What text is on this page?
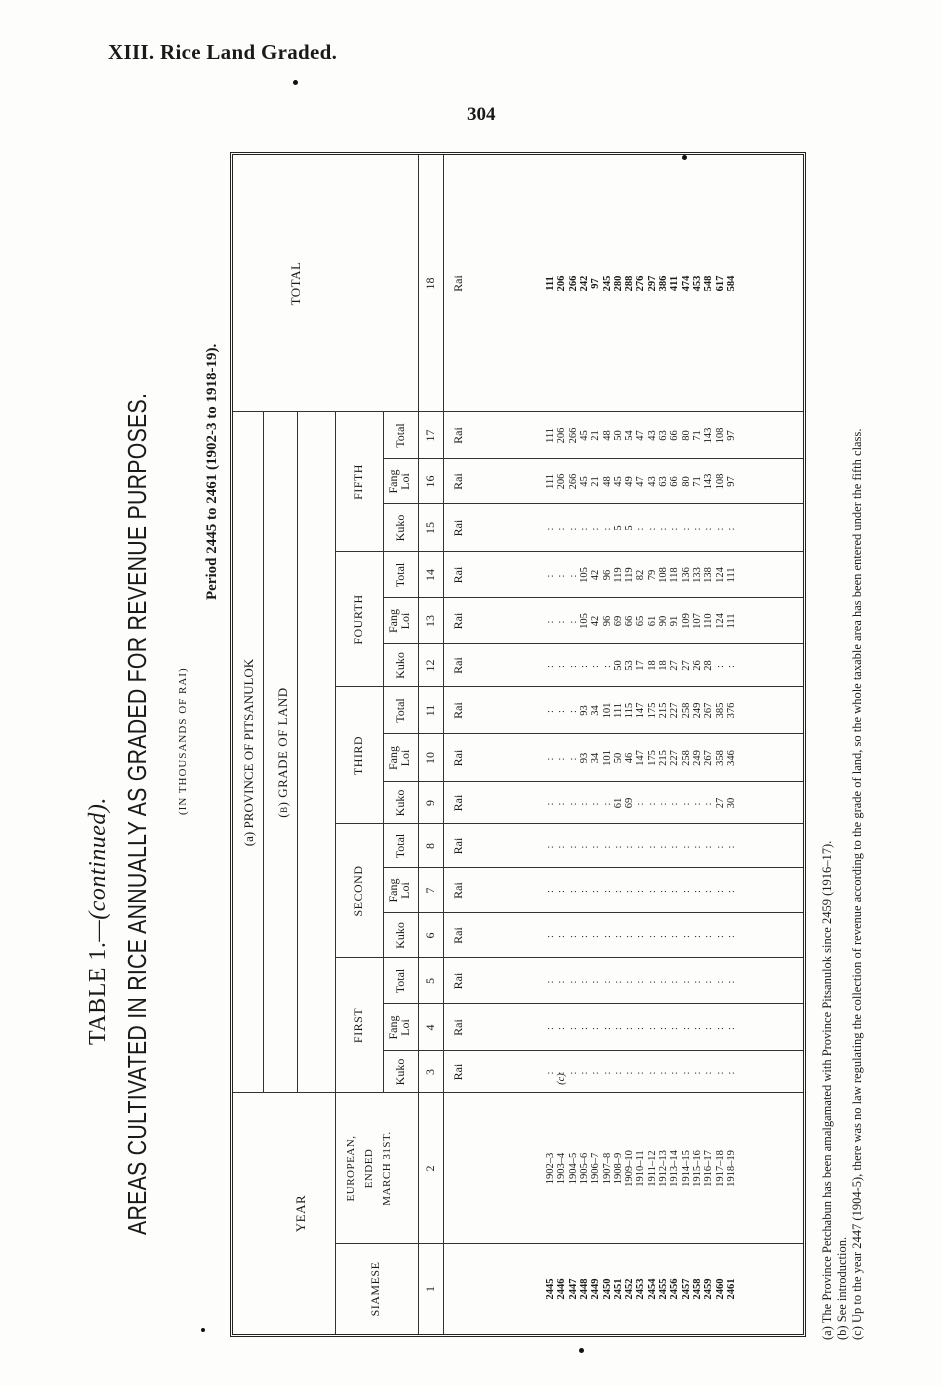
XIII. Rice Land Graded.
304
TABLE 1.—(continued). AREAS CULTIVATED IN RICE ANNUALLY AS GRADED FOR REVENUE PURPOSES. (IN THOUSANDS OF RAI)
Period 2445 to 2461 (1902-3 to 1918-19).
YEAR
(a) PROVINCE OF PITSANULOK (b) GRADE OF LAND
SIAMESE
EUROPEAN, ENDED MARCH 31ST.
TOTAL
FIRST
Kuko
Fang
Loi
Total
SECOND
Kuko
Fang
Loi
Total
THIRD
Kuko
Fang
Loi
Total
FOURTH
Kuko
Fang
Loi
Total
FIFTH
Kuko
Fang
Loi
Total
1
2
3
4
5
6
7
8
9
10
11
12
13
14
15
16
17
18
Rai
Rai
Rai
Rai
Rai
Rai
Rai
Rai
Rai
Rai
Rai
Rai
Rai
Rai
Rai
Rai
2445
1902–3
:
:
:
:
:
:
:
:
:
:
:
:
:
111
111
111
2446
1903–4
:
:
:
:
:
:
:
:
:
:
:
:
:
206
206
206
2447
1904–5
:
:
:
:
:
:
:
:
:
:
:
:
:
266
266
266
2448
1905–6
:
:
:
:
:
:
:
93
93
:
105
105
:
45
45
242
2449
1906–7
:
:
:
:
:
:
:
34
34
:
42
42
:
21
21
97
2450
1907–8
:
:
:
:
:
:
:
101
101
:
96
96
:
48
48
245
2451
1908–9
:
:
:
:
:
:
61
50
111
50
69
119
5
45
50
280
2452
1909–10
:
:
:
:
:
:
69
46
115
53
66
119
5
49
54
288
2453
1910–11
:
:
:
:
:
:
:
147
147
17
65
82
:
47
47
276
2454
1911–12
:
:
:
:
:
:
:
175
175
18
61
79
:
43
43
297
2455
1912–13
:
:
:
:
:
:
:
215
215
18
90
108
:
63
63
386
2456
1913–14
:
:
:
:
:
:
:
227
227
27
91
118
:
66
66
411
2457
1914–15
:
:
:
:
:
:
:
258
258
27
109
136
:
80
80
474
2458
1915–16
:
:
:
:
:
:
:
249
249
26
107
133
:
71
71
453
2459
1916–17
:
:
:
:
:
:
:
267
267
28
110
138
:
143
143
548
2460
1917–18
:
:
:
:
:
:
27
358
385
:
124
124
:
108
108
617
2461
1918–19
:
:
:
:
:
:
30
346
376
:
111
111
:
97
97
584
(c)	(a) The Province Petchabun has been amalgamated with Province Pitsanulok since 2459 (1916–17). (b) See introduction. (c) Up to the year 2447 (1904-5), there was no law regulating the collection of revenue according to the grade of land, so the whole taxable area has been entered under the fifth class.
